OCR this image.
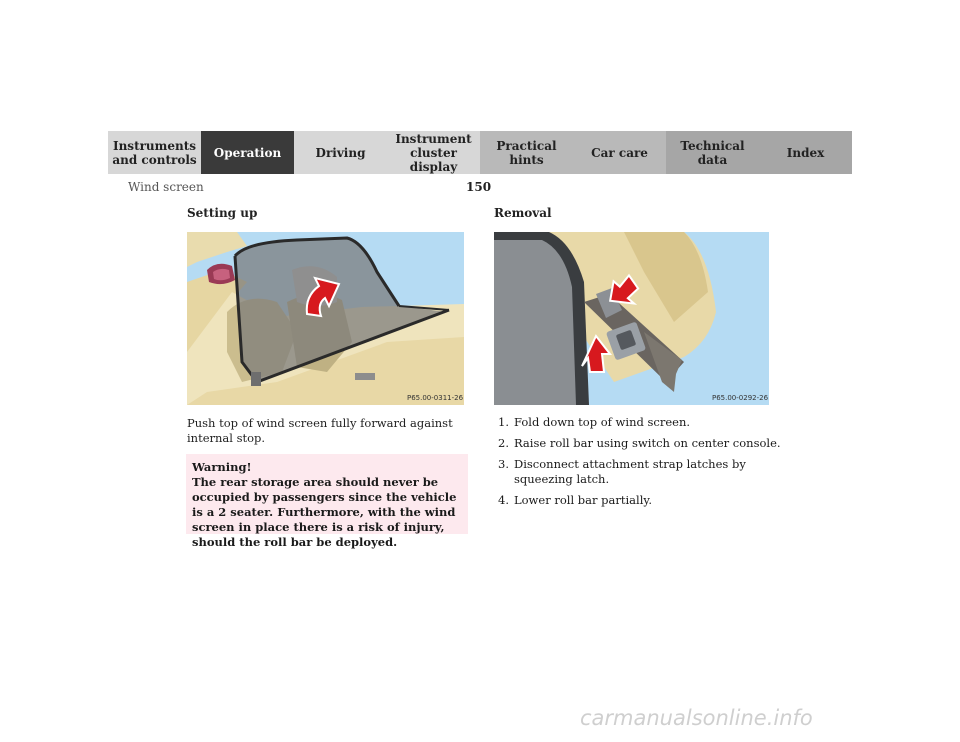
Instruments
and controls	Operation	Driving
Instrument
cluster display
Practical hints	Car care	Technical
data	Index
Wind screen	150
Setting up
P65.00-0311-26
Push top of wind screen fully forward against internal stop.
Warning!
The rear storage area should never be occupied by passengers since the vehicle is a 2 seater. Furthermore, with the wind screen in place there is a risk of injury, should the roll bar be deployed.
Removal
P65.00-0292-26
1. Fold down top of wind screen.
2. Raise roll bar using switch on center console.
3. Disconnect attachment strap latches by squeezing latch.
4. Lower roll bar partially.
carmanualsonline.info
